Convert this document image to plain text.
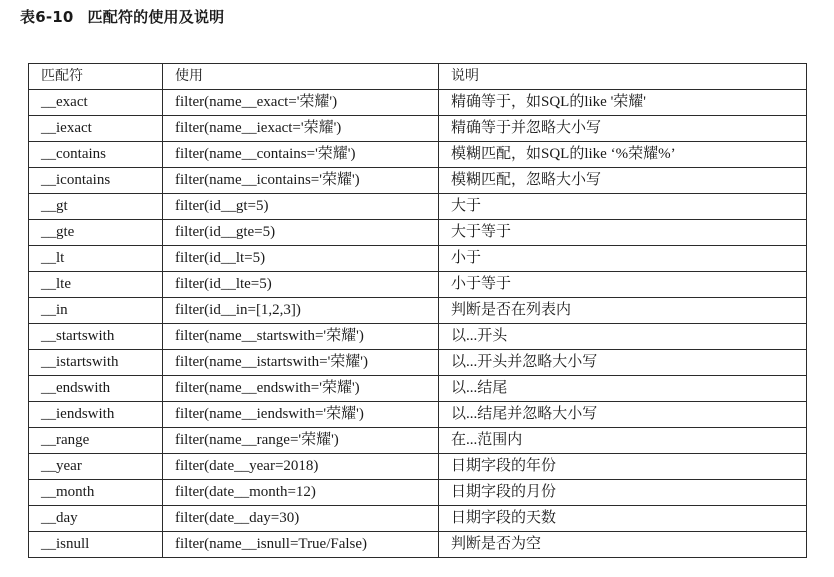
表6-10 匹配符的使用及说明
匹配符	使用	说明
__exact	filter(name__exact='荣耀')	精确等于，如SQL的like '荣耀'
__iexact	filter(name__iexact='荣耀')	精确等于并忽略大小写
__contains	filter(name__contains='荣耀')	模糊匹配，如SQL的like ‘%荣耀%’
__icontains	filter(name__icontains='荣耀')	模糊匹配，忽略大小写
__gt	filter(id__gt=5)	大于
__gte	filter(id__gte=5)	大于等于
__lt	filter(id__lt=5)	小于
__lte	filter(id__lte=5)	小于等于
__in	filter(id__in=[1,2,3])	判断是否在列表内
__startswith	filter(name__startswith='荣耀')	以...开头
__istartswith	filter(name__istartswith='荣耀')	以...开头并忽略大小写
__endswith	filter(name__endswith='荣耀')	以...结尾
__iendswith	filter(name__iendswith='荣耀')	以...结尾并忽略大小写
__range	filter(name__range='荣耀')	在...范围内
__year	filter(date__year=2018)	日期字段的年份
__month	filter(date__month=12)	日期字段的月份
__day	filter(date__day=30)	日期字段的天数
__isnull	filter(name__isnull=True/False)	判断是否为空
